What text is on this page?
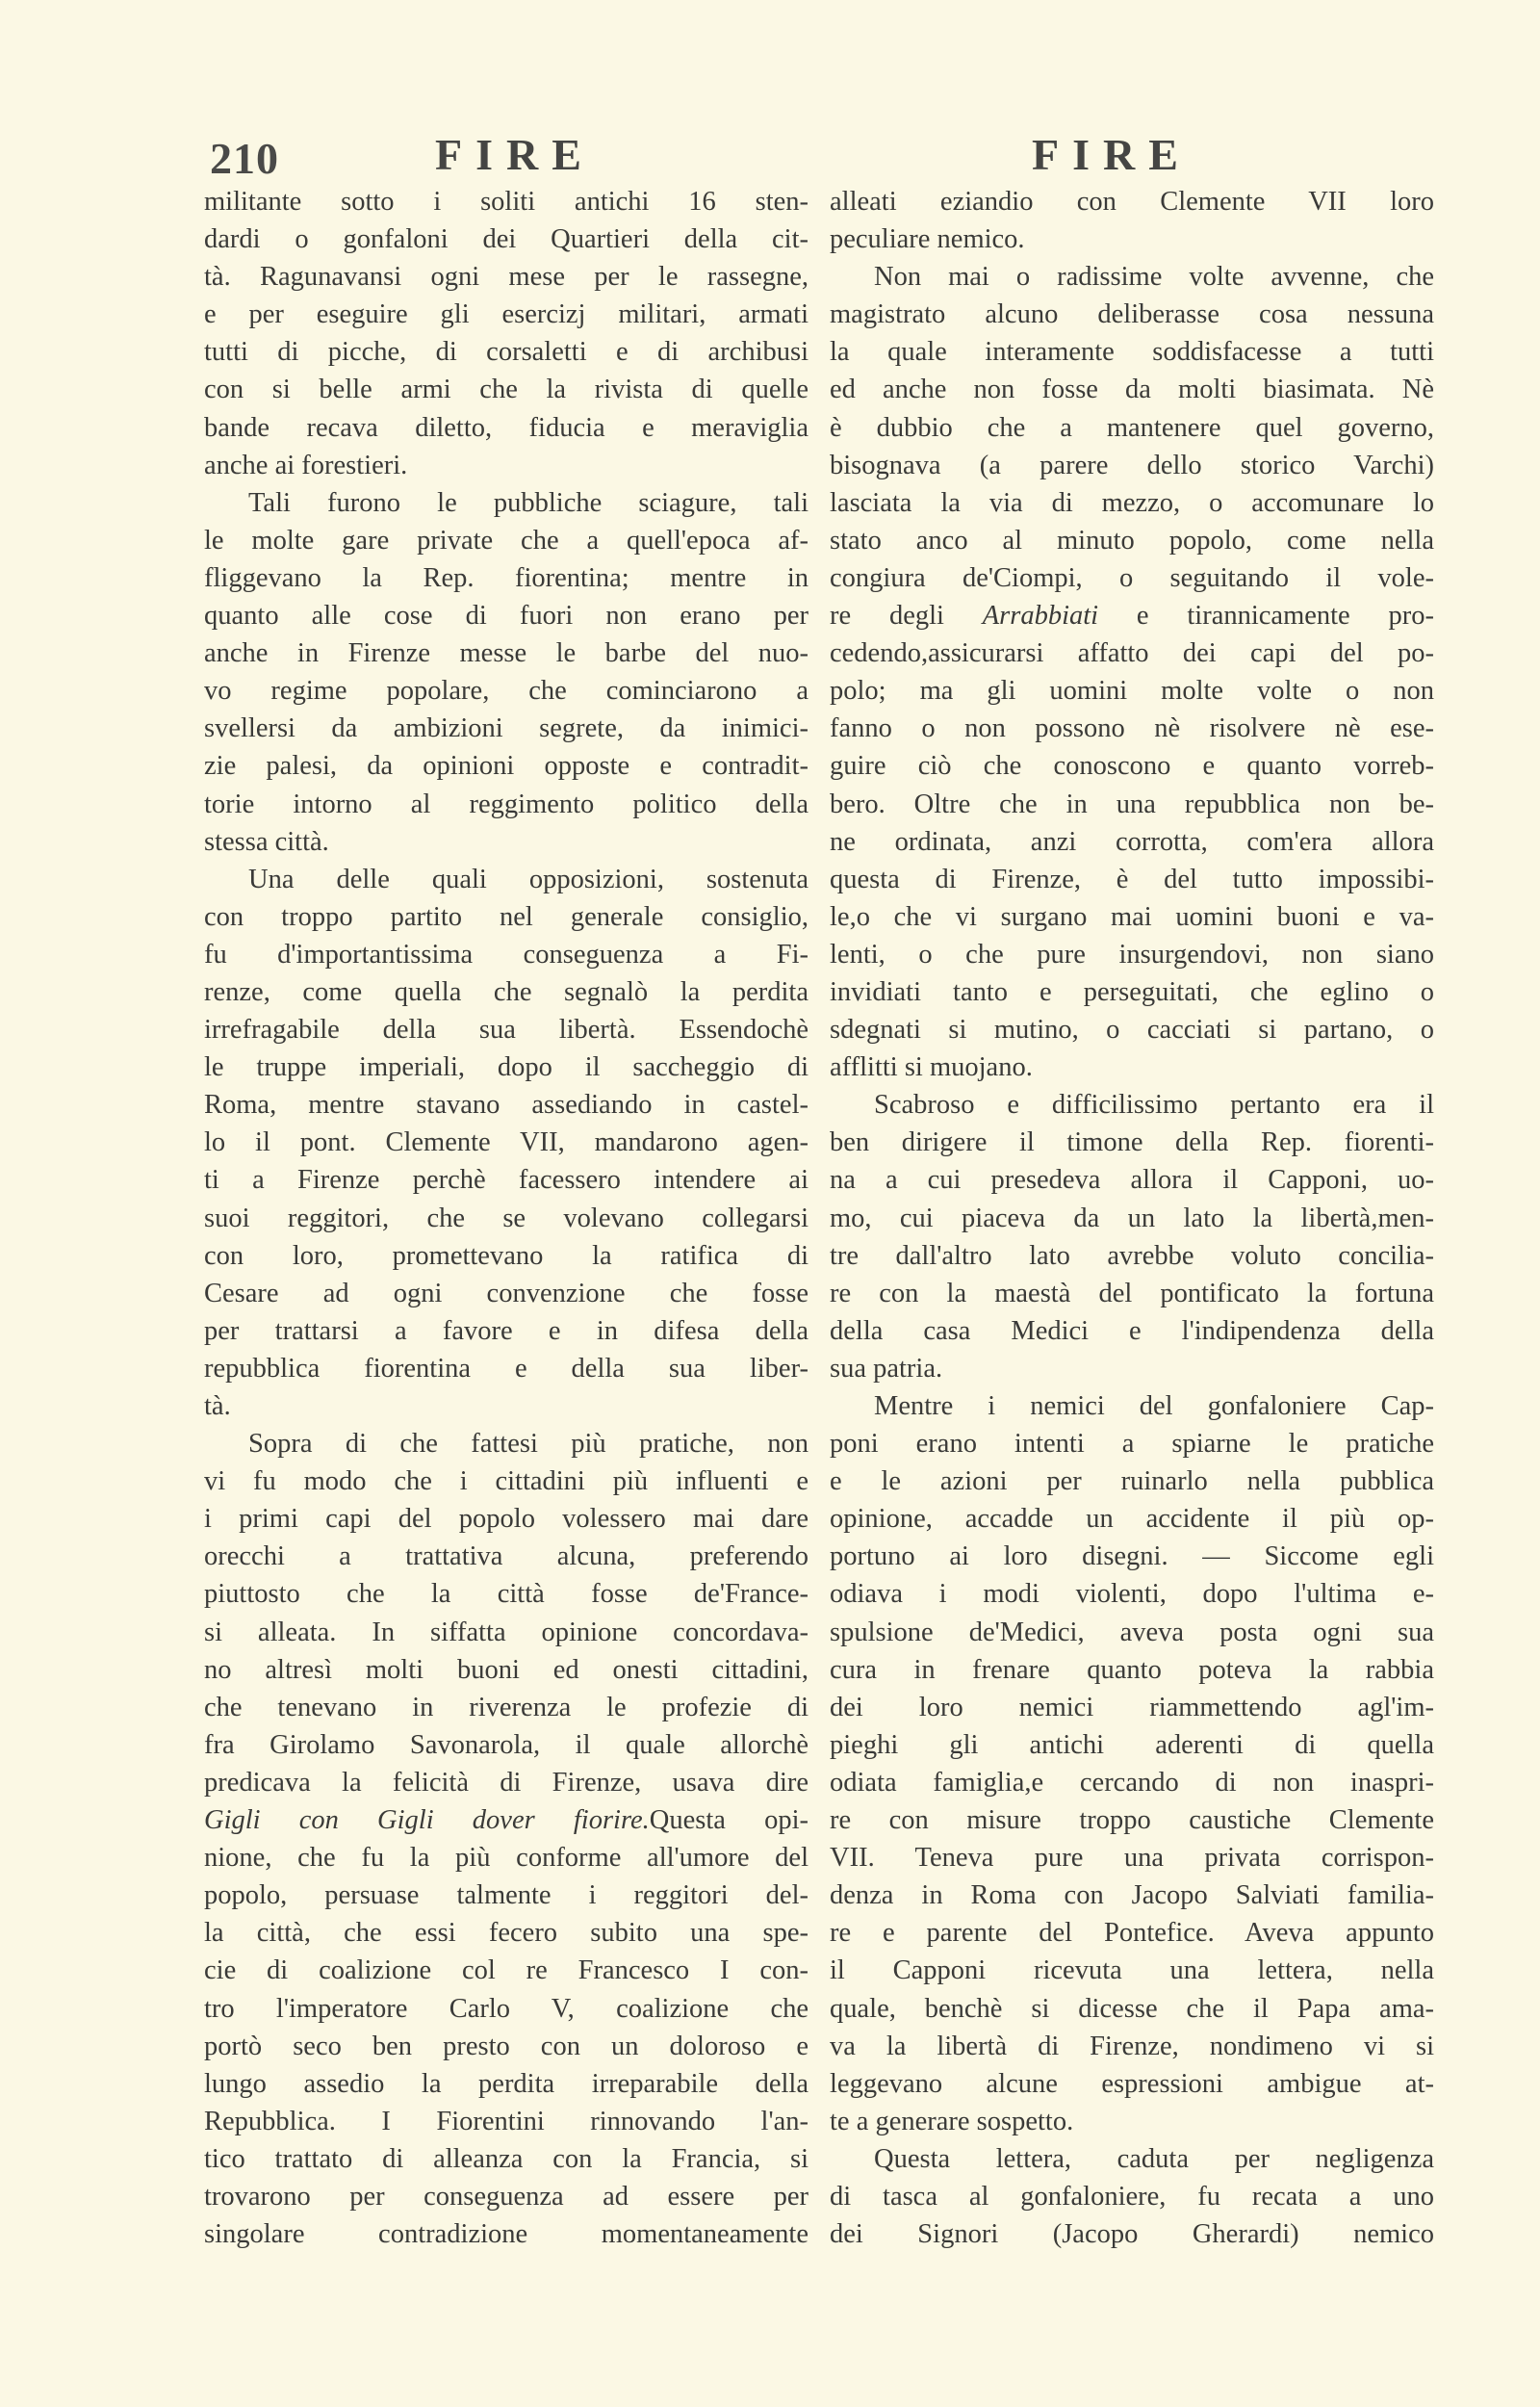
210	FIRE	FIRE
militante sotto i soliti antichi 16 sten-
dardi o gonfaloni dei Quartieri della cit-
tà. Ragunavansi ogni mese per le rassegne,
e per eseguire gli esercizj militari, armati
tutti di picche, di corsaletti e di archibusi
con si belle armi che la rivista di quelle
bande recava diletto, fiducia e meraviglia
anche ai forestieri.
Tali furono le pubbliche sciagure, tali
le molte gare private che a quell'epoca af-
fliggevano la Rep. fiorentina; mentre in
quanto alle cose di fuori non erano per
anche in Firenze messe le barbe del nuo-
vo regime popolare, che cominciarono a
svellersi da ambizioni segrete, da inimici-
zie palesi, da opinioni opposte e contradit-
torie intorno al reggimento politico della
stessa città.
Una delle quali opposizioni, sostenuta
con troppo partito nel generale consiglio,
fu d'importantissima conseguenza a Fi-
renze, come quella che segnalò la perdita
irrefragabile della sua libertà. Essendochè
le truppe imperiali, dopo il saccheggio di
Roma, mentre stavano assediando in castel-
lo il pont. Clemente VII, mandarono agen-
ti a Firenze perchè facessero intendere ai
suoi reggitori, che se volevano collegarsi
con loro, promettevano la ratifica di
Cesare ad ogni convenzione che fosse
per trattarsi a favore e in difesa della
repubblica fiorentina e della sua liber-
tà.
Sopra di che fattesi più pratiche, non
vi fu modo che i cittadini più influenti e
i primi capi del popolo volessero mai dare
orecchi a trattativa alcuna, preferendo
piuttosto che la città fosse de'France-
si alleata. In siffatta opinione concordava-
no altresì molti buoni ed onesti cittadini,
che tenevano in riverenza le profezie di
fra Girolamo Savonarola, il quale allorchè
predicava la felicità di Firenze, usava dire
Gigli con Gigli dover fiorire.Questa opi-
nione, che fu la più conforme all'umore del
popolo, persuase talmente i reggitori del-
la città, che essi fecero subito una spe-
cie di coalizione col re Francesco I con-
tro l'imperatore Carlo V, coalizione che
portò seco ben presto con un doloroso e
lungo assedio la perdita irreparabile della
Repubblica. I Fiorentini rinnovando l'an-
tico trattato di alleanza con la Francia, si
trovarono per conseguenza ad essere per
singolare contradizione momentaneamente
alleati eziandio con Clemente VII loro
peculiare nemico.
Non mai o radissime volte avvenne, che
magistrato alcuno deliberasse cosa nessuna
la quale interamente soddisfacesse a tutti
ed anche non fosse da molti biasimata. Nè
è dubbio che a mantenere quel governo,
bisognava (a parere dello storico Varchi)
lasciata la via di mezzo, o accomunare lo
stato anco al minuto popolo, come nella
congiura de'Ciompi, o seguitando il vole-
re degli Arrabbiati e tirannicamente pro-
cedendo,assicurarsi affatto dei capi del po-
polo; ma gli uomini molte volte o non
fanno o non possono nè risolvere nè ese-
guire ciò che conoscono e quanto vorreb-
bero. Oltre che in una repubblica non be-
ne ordinata, anzi corrotta, com'era allora
questa di Firenze, è del tutto impossibi-
le,o che vi surgano mai uomini buoni e va-
lenti, o che pure insurgendovi, non siano
invidiati tanto e perseguitati, che eglino o
sdegnati si mutino, o cacciati si partano, o
afflitti si muojano.
Scabroso e difficilissimo pertanto era il
ben dirigere il timone della Rep. fiorenti-
na a cui presedeva allora il Capponi, uo-
mo, cui piaceva da un lato la libertà,men-
tre dall'altro lato avrebbe voluto concilia-
re con la maestà del pontificato la fortuna
della casa Medici e l'indipendenza della
sua patria.
Mentre i nemici del gonfaloniere Cap-
poni erano intenti a spiarne le pratiche
e le azioni per ruinarlo nella pubblica
opinione, accadde un accidente il più op-
portuno ai loro disegni. — Siccome egli
odiava i modi violenti, dopo l'ultima e-
spulsione de'Medici, aveva posta ogni sua
cura in frenare quanto poteva la rabbia
dei loro nemici riammettendo agl'im-
pieghi gli antichi aderenti di quella
odiata famiglia,e cercando di non inaspri-
re con misure troppo caustiche Clemente
VII. Teneva pure una privata corrispon-
denza in Roma con Jacopo Salviati familia-
re e parente del Pontefice. Aveva appunto
il Capponi ricevuta una lettera, nella
quale, benchè si dicesse che il Papa ama-
va la libertà di Firenze, nondimeno vi si
leggevano alcune espressioni ambigue at-
te a generare sospetto.
Questa lettera, caduta per negligenza
di tasca al gonfaloniere, fu recata a uno
dei Signori (Jacopo Gherardi) nemico
